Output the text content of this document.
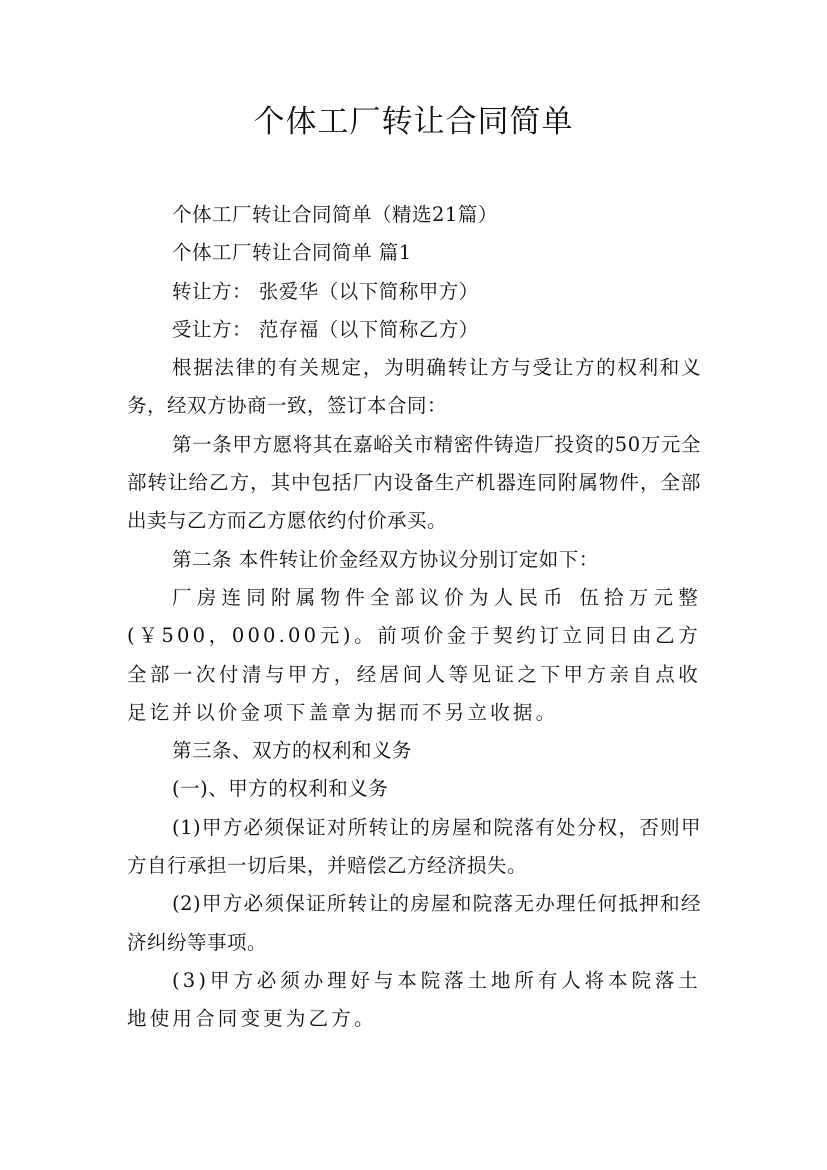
个体工厂转让合同简单

个体工厂转让合同简单（精选21篇）

个体工厂转让合同简单 篇1

转让方： 张爱华（以下简称甲方）

受让方： 范存福（以下简称乙方）

根据法律的有关规定，为明确转让方与受让方的权利和义务，经双方协商一致，签订本合同：

第一条甲方愿将其在嘉峪关市精密件铸造厂投资的50万元全部转让给乙方，其中包括厂内设备生产机器连同附属物件，全部出卖与乙方而乙方愿依约付价承买。

第二条 本件转让价金经双方协议分别订定如下：

厂房连同附属物件全部议价为人民币 伍拾万元整(￥500，000.00元)。前项价金于契约订立同日由乙方全部一次付清与甲方，经居间人等见证之下甲方亲自点收足讫并以价金项下盖章为据而不另立收据。

第三条、双方的权利和义务

(一)、甲方的权利和义务

(1)甲方必须保证对所转让的房屋和院落有处分权，否则甲方自行承担一切后果，并赔偿乙方经济损失。

(2)甲方必须保证所转让的房屋和院落无办理任何抵押和经济纠纷等事项。

(3)甲方必须办理好与本院落土地所有人将本院落土地使用合同变更为乙方。
